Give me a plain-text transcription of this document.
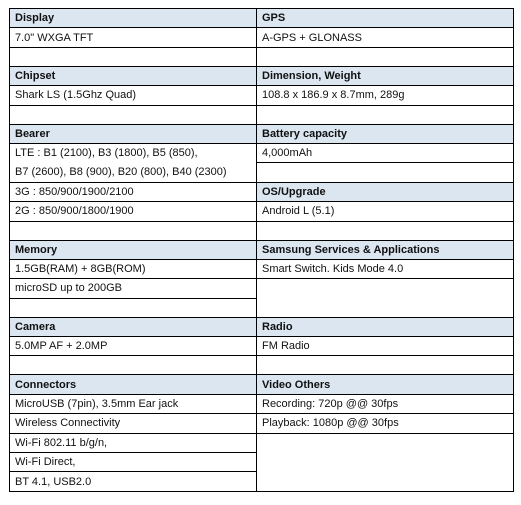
Display	GPS
7.0" WXGA TFT	A-GPS + GLONASS

Chipset	Dimension, Weight
Shark LS (1.5Ghz Quad)	108.8 x 186.9 x 8.7mm, 289g

Bearer	Battery capacity
LTE : B1 (2100), B3 (1800), B5 (850),	4,000mAh
B7 (2600), B8 (900), B20 (800), B40 (2300)	
3G : 850/900/1900/2100	OS/Upgrade
2G : 850/900/1800/1900	Android L (5.1)

Memory	Samsung Services & Applications
1.5GB(RAM) + 8GB(ROM)	Smart Switch. Kids Mode 4.0
microSD up to 200GB	

Camera	Radio
5.0MP AF + 2.0MP	FM Radio

Connectors	Video Others
MicroUSB (7pin), 3.5mm Ear jack	Recording: 720p @@ 30fps
Wireless Connectivity	Playback: 1080p @@ 30fps
Wi-Fi 802.11 b/g/n,	
Wi-Fi Direct,	
BT 4.1, USB2.0	
